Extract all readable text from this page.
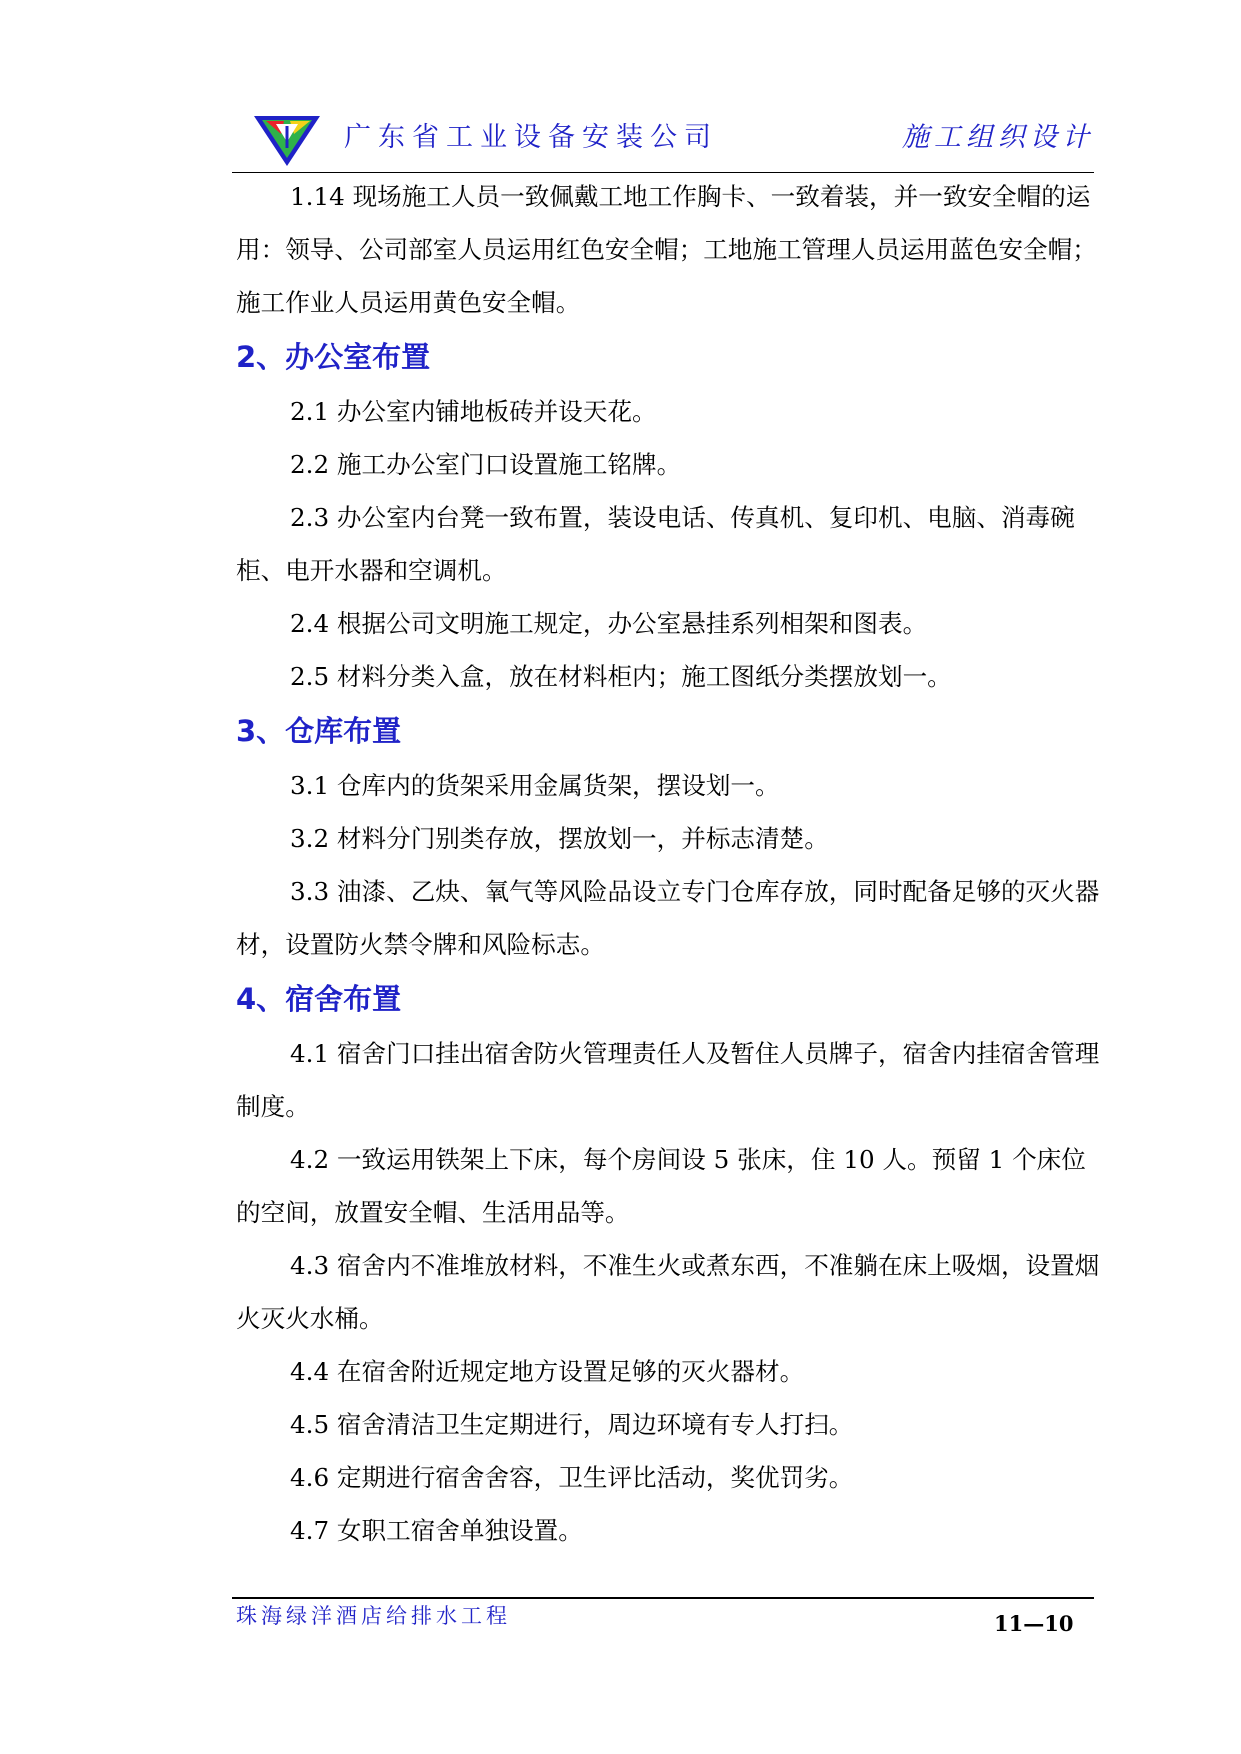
广东省工业设备安装公司	施工组织设计

1.14 现场施工人员一致佩戴工地工作胸卡、一致着装，并一致安全帽的运用：领导、公司部室人员运用红色安全帽；工地施工管理人员运用蓝色安全帽；施工作业人员运用黄色安全帽。

2、办公室布置

2.1 办公室内铺地板砖并设天花。

2.2 施工办公室门口设置施工铭牌。

2.3 办公室内台凳一致布置，装设电话、传真机、复印机、电脑、消毒碗柜、电开水器和空调机。

2.4 根据公司文明施工规定，办公室悬挂系列相架和图表。

2.5 材料分类入盒，放在材料柜内；施工图纸分类摆放划一。

3、仓库布置

3.1 仓库内的货架采用金属货架，摆设划一。

3.2 材料分门别类存放，摆放划一，并标志清楚。

3.3 油漆、乙炔、氧气等风险品设立专门仓库存放，同时配备足够的灭火器材，设置防火禁令牌和风险标志。

4、宿舍布置

4.1 宿舍门口挂出宿舍防火管理责任人及暂住人员牌子，宿舍内挂宿舍管理制度。

4.2 一致运用铁架上下床，每个房间设 5 张床，住 10 人。预留 1 个床位的空间，放置安全帽、生活用品等。

4.3 宿舍内不准堆放材料，不准生火或煮东西，不准躺在床上吸烟，设置烟火灭火水桶。

4.4 在宿舍附近规定地方设置足够的灭火器材。

4.5 宿舍清洁卫生定期进行，周边环境有专人打扫。

4.6 定期进行宿舍舍容，卫生评比活动，奖优罚劣。

4.7 女职工宿舍单独设置。

珠海绿洋酒店给排水工程	11—10
